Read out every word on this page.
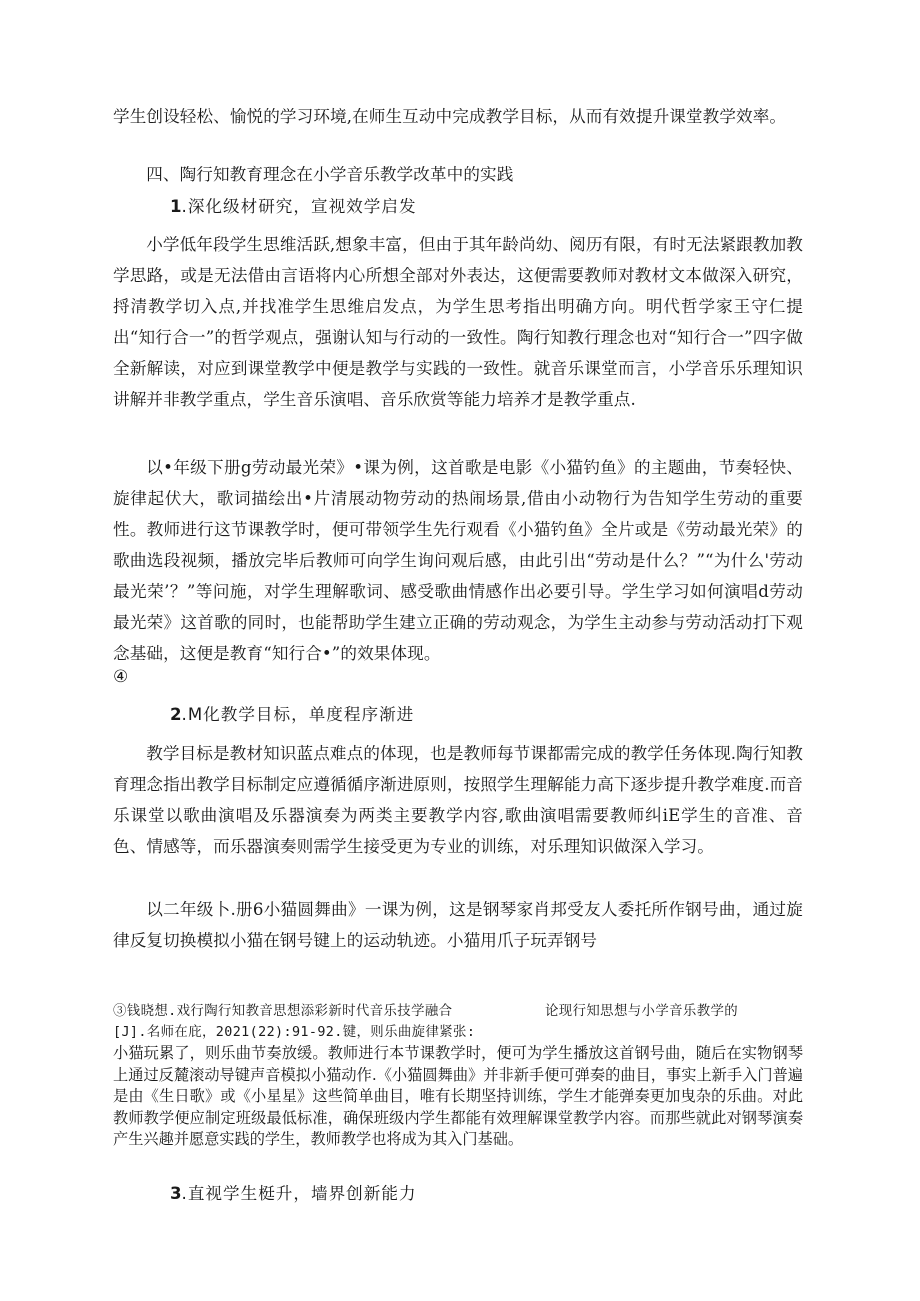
学生创设轻松、愉悦的学习环境,在师生互动中完成教学目标，从而有效提升课堂教学效率。

四、陶行知教育理念在小学音乐教学改革中的实践

1.深化级材研究，宣视效学启发

小学低年段学生思维活跃,想象丰富，但由于其年龄尚幼、阅历有限，有时无法紧跟教加教学思路，或是无法借由言语将内心所想全部对外表达，这便需要教师对教材文本做深入研究，捋清教学切入点,并找准学生思维启发点，为学生思考指出明确方向。明代哲学家王守仁提出“知行合一”的哲学观点，强谢认知与行动的一致性。陶行知教行理念也对“知行合一”四字做全新解读，对应到课堂教学中便是教学与实践的一致性。就音乐课堂而言，小学音乐乐理知识讲解并非教学重点，学生音乐演唱、音乐欣赏等能力培养才是教学重点.

以•年级下册g劳动最光荣》•课为例，这首歌是电影《小猫钓鱼》的主题曲，节奏轻快、旋律起伏大，歌词描绘出•片清展动物劳动的热闹场景,借由小动物行为告知学生劳动的重要性。教师进行这节课教学时，便可带领学生先行观看《小猫钓鱼》全片或是《劳动最光荣》的歌曲选段视频，播放完毕后教师可向学生询问观后感，由此引出“劳动是什么？”“为什么'劳动最光荣’？”等问施，对学生理解歌词、感受歌曲情感作出必要引导。学生学习如何演唱d劳动最光荣》这首歌的同时，也能帮助学生建立正确的劳动观念，为学生主动参与劳动活动打下观念基础，这便是教育“知行合•”的效果体现。

④
2.M化教学目标，单度程序渐进

教学目标是教材知识蓝点难点的体现，也是教师每节课都需完成的教学任务体现.陶行知教育理念指出教学目标制定应遵循循序渐进原则，按照学生理解能力高下逐步提升教学难度.而音乐课堂以歌曲演唱及乐器演奏为两类主要教学内容,歌曲演唱需要教师纠iE学生的音准、音色、情感等，而乐器演奏则需学生接受更为专业的训练，对乐理知识做深入学习。

以二年级卜.册6小猫圆舞曲》一课为例，这是钢琴家肖邦受友人委托所作钢号曲，通过旋律反复切换模拟小猫在钢号键上的运动轨迹。小猫用爪子玩弄钢号

③钱晓想.戏行陶行知教音思想添彩新时代音乐技学融合	论现行知思想与小学音乐教学的
[J].名师在庇，2021(22):91-92.键，则乐曲旋律紧张:

小猫玩累了，则乐曲节奏放缓。教师进行本节课教学时，便可为学生播放这首钢号曲，随后在实物钢琴上通过反麓滚动导键声音模拟小猫动作.《小猫圆舞曲》并非新手便可弹奏的曲目，事实上新手入门普遍是由《生日歌》或《小星星》这些简单曲目，唯有长期坚持训练，学生才能弹奏更加曳杂的乐曲。对此教师教学便应制定班级最低标准，确保班级内学生都能有效理解课堂教学内容。而那些就此对钢琴演奏产生兴趣并愿意实践的学生，教师教学也将成为其入门基础。

3.直视学生梃升，墙界创新能力
